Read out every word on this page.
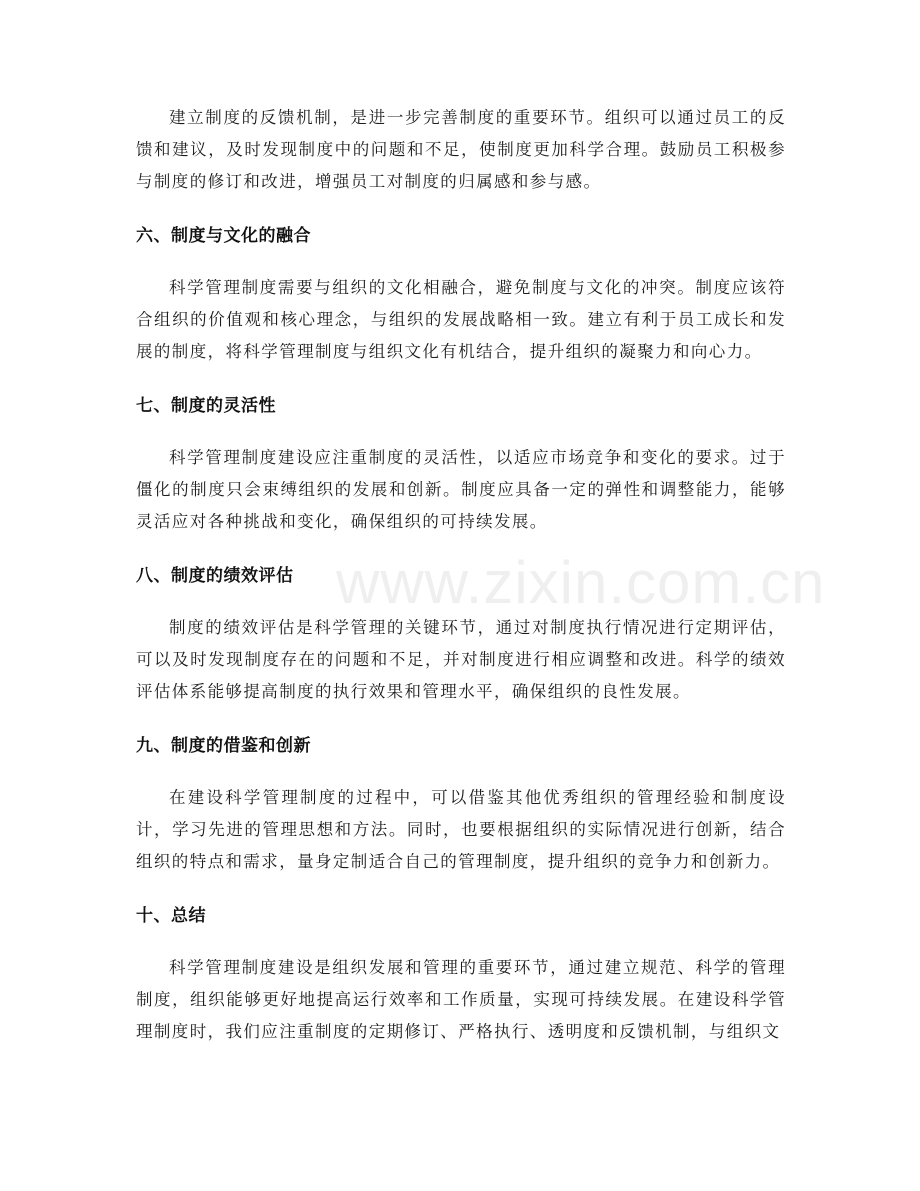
www.zixin.com.cn

建立制度的反馈机制，是进一步完善制度的重要环节。组织可以通过员工的反馈和建议，及时发现制度中的问题和不足，使制度更加科学合理。鼓励员工积极参与制度的修订和改进，增强员工对制度的归属感和参与感。

六、制度与文化的融合

科学管理制度需要与组织的文化相融合，避免制度与文化的冲突。制度应该符合组织的价值观和核心理念，与组织的发展战略相一致。建立有利于员工成长和发展的制度，将科学管理制度与组织文化有机结合，提升组织的凝聚力和向心力。

七、制度的灵活性

科学管理制度建设应注重制度的灵活性，以适应市场竞争和变化的要求。过于僵化的制度只会束缚组织的发展和创新。制度应具备一定的弹性和调整能力，能够灵活应对各种挑战和变化，确保组织的可持续发展。

八、制度的绩效评估

制度的绩效评估是科学管理的关键环节，通过对制度执行情况进行定期评估，可以及时发现制度存在的问题和不足，并对制度进行相应调整和改进。科学的绩效评估体系能够提高制度的执行效果和管理水平，确保组织的良性发展。

九、制度的借鉴和创新

在建设科学管理制度的过程中，可以借鉴其他优秀组织的管理经验和制度设计，学习先进的管理思想和方法。同时，也要根据组织的实际情况进行创新，结合组织的特点和需求，量身定制适合自己的管理制度，提升组织的竞争力和创新力。

十、总结

科学管理制度建设是组织发展和管理的重要环节，通过建立规范、科学的管理制度，组织能够更好地提高运行效率和工作质量，实现可持续发展。在建设科学管理制度时，我们应注重制度的定期修订、严格执行、透明度和反馈机制，与组织文
